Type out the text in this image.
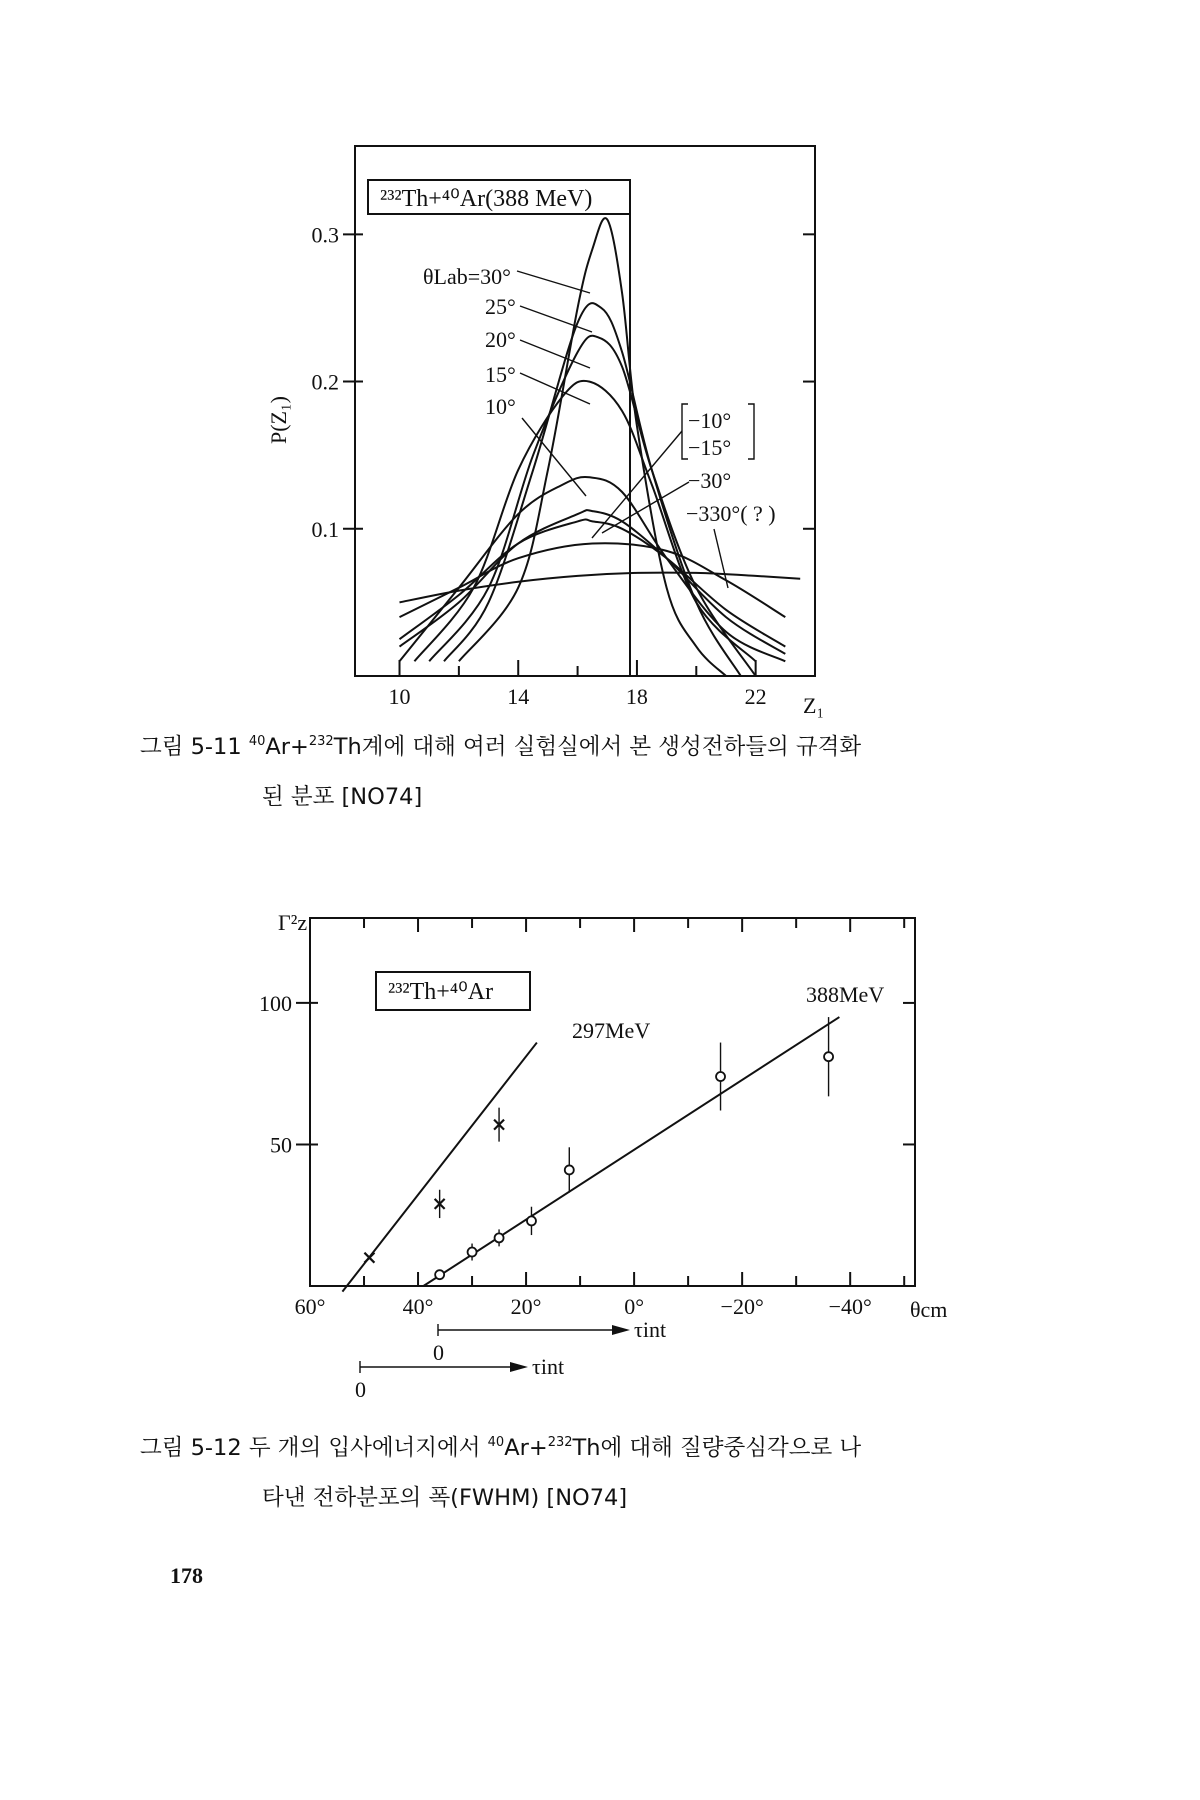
²³²Th+⁴⁰Ar(388 MeV)
P(Z₁)
Z₁
10	14	18	22
0.3
0.2
0.1
θLab=30°
25°
20°
15°
10°
−10°
−15°
−30°
−330°( ? )
그림 5-11 $^{40}$Ar+$^{232}$Th계에 대해 여러 실험실에서 본 생성전하들의 규격화
된 분포 [NO74]
²³²Th+⁴⁰Ar
Γ²z
θcm
297MeV
388MeV
60°	40°	20°	0°	−20°	−40°
100
50
τint
0
τint
0
그림 5-12 두 개의 입사에너지에서 $^{40}$Ar+$^{232}$Th에 대해 질량중심각으로 나
타낸 전하분포의 폭(FWHM) [NO74]
178
